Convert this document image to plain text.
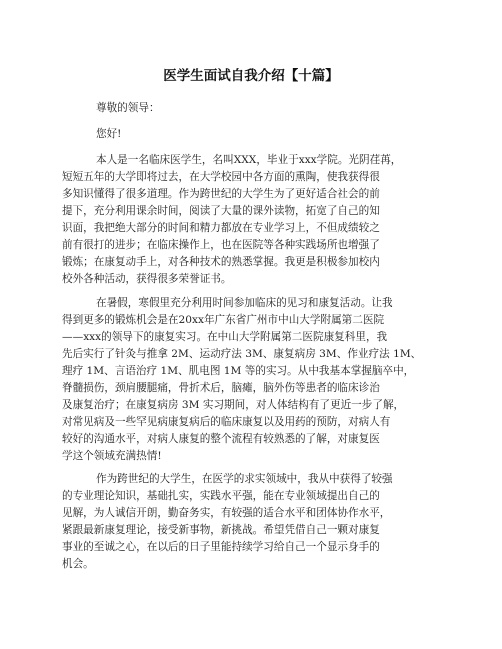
医学生面试自我介绍【十篇】
尊敬的领导：
您好!
本人是一名临床医学生，名叫XXX，毕业于xxx学院。光阴荏苒，
短短五年的大学即将过去，在大学校园中各方面的熏陶，使我获得很
多知识懂得了很多道理。作为跨世纪的大学生为了更好适合社会的前
提下，充分利用课余时间，阅读了大量的课外读物，拓宽了自己的知
识面，我把绝大部分的时间和精力都放在专业学习上，不但成绩较之
前有很打的进步；在临床操作上，也在医院等各种实践场所也增强了
锻炼；在康复动手上，对各种技术的熟悉掌握。我更是积极参加校内
校外各种活动，获得很多荣誉证书。
在暑假，寒假里充分利用时间参加临床的见习和康复活动。让我
得到更多的锻炼机会是在20xx年广东省广州市中山大学附属第二医院
——xxx的领导下的康复实习。在中山大学附属第二医院康复科里，我
先后实行了针灸与推拿 2M、运动疗法 3M、康复病房 3M、作业疗法 1M、
理疗 1M、言语治疗 1M、肌电图 1M 等的实习。从中我基本掌握脑卒中，
脊髓损伤，颈肩腰腿痛，骨折术后，脑瘫，脑外伤等患者的临床诊治
及康复治疗；在康复病房 3M 实习期间，对人体结构有了更近一步了解，
对常见病及一些罕见病康复病后的临床康复以及用药的预防，对病人有
较好的沟通水平，对病人康复的整个流程有较熟悉的了解，对康复医
学这个领域充满热情!
作为跨世纪的大学生，在医学的求实领域中，我从中获得了较强
的专业理论知识，基础扎实，实践水平强，能在专业领域提出自己的
见解，为人诚信开朗，勤奋务实，有较强的适合水平和团体协作水平，
紧跟最新康复理论，接受新事物，新挑战。希望凭借自己一颗对康复
事业的至诚之心，在以后的日子里能持续学习给自己一个显示身手的
机会。
